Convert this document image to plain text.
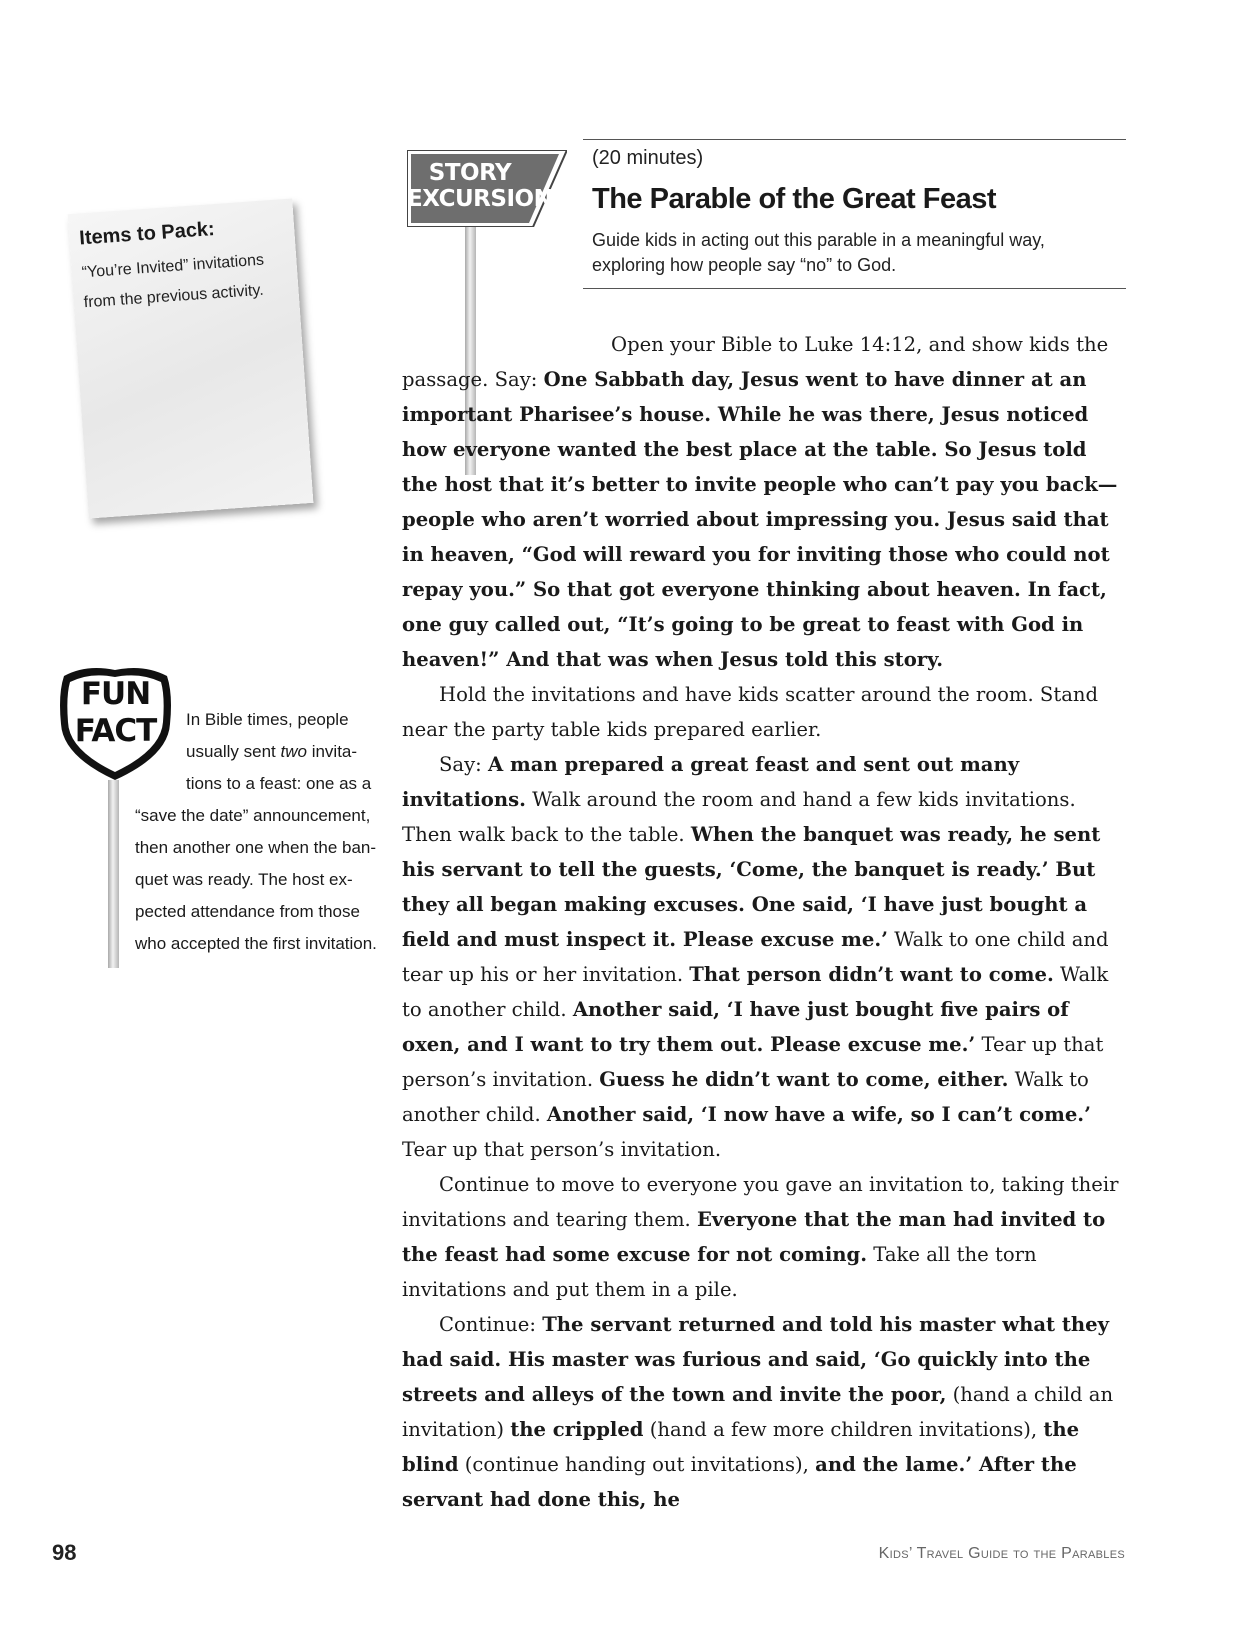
STORY
EXCURSION
(20 minutes)
The Parable of the Great Feast
Guide kids in acting out this parable in a meaningful way, exploring how people say “no” to God.
Items to Pack:
“You’re Invited” invitations
from the previous activity.
FUN
FACT	In Bible times, people
usually sent two invita-
tions to a feast: one as a
“save the date” announcement,
then another one when the ban-
quet was ready. The host ex-
pected attendance from those
who accepted the first invitation.

Open your Bible to Luke 14:12, and show kids the passage. Say: One Sabbath day, Jesus went to have dinner at an important Pharisee’s house. While he was there, Jesus noticed how everyone wanted the best place at the table. So Jesus told the host that it’s better to invite people who can’t pay you back—people who aren’t worried about impressing you. Jesus said that in heaven, “God will reward you for inviting those who could not repay you.” So that got everyone thinking about heaven. In fact, one guy called out, “It’s going to be great to feast with God in heaven!” And that was when Jesus told this story.

Hold the invitations and have kids scatter around the room. Stand near the party table kids prepared earlier.

Say: A man prepared a great feast and sent out many invitations. Walk around the room and hand a few kids invitations. Then walk back to the table. When the banquet was ready, he sent his servant to tell the guests, ‘Come, the banquet is ready.’ But they all began making excuses. One said, ‘I have just bought a field and must inspect it. Please excuse me.’ Walk to one child and tear up his or her invitation. That person didn’t want to come. Walk to another child. Another said, ‘I have just bought five pairs of oxen, and I want to try them out. Please excuse me.’ Tear up that person’s invitation. Guess he didn’t want to come, either. Walk to another child. Another said, ‘I now have a wife, so I can’t come.’ Tear up that person’s invitation.

Continue to move to everyone you gave an invitation to, taking their invitations and tearing them. Everyone that the man had invited to the feast had some excuse for not coming. Take all the torn invitations and put them in a pile.

Continue: The servant returned and told his master what they had said. His master was furious and said, ‘Go quickly into the streets and alleys of the town and invite the poor, (hand a child an invitation) the crippled (hand a few more children invitations), the blind (continue handing out invitations), and the lame.’ After the servant had done this, he

98	Kids’ Travel Guide to the Parables
